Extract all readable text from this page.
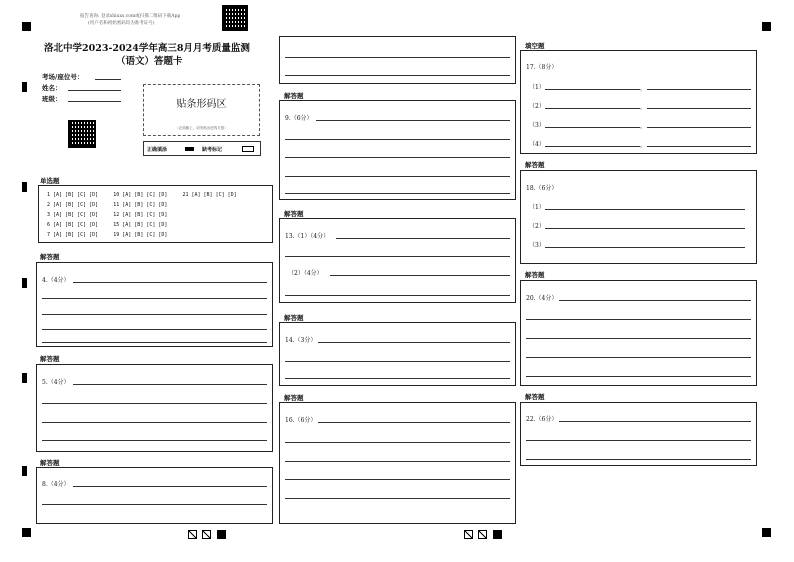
报告查询: 登录shiuxs.com或扫描二维码下载App
(用户名和初始密码均为准考证号)
洛北中学2023-2024学年高三8月月考质量监测
（语文）答题卡
考场/座位号：
姓名：
班级：	贴条形码区
（正面朝上，切勿贴出虚线方框）
正确填涂	缺考标记
单选题
1 [A] [B] [C] [D]     10 [A] [B] [C] [D]     21 [A] [B] [C] [D]
2 [A] [B] [C] [D]     11 [A] [B] [C] [D]
3 [A] [B] [C] [D]     12 [A] [B] [C] [D]
6 [A] [B] [C] [D]     15 [A] [B] [C] [D]
7 [A] [B] [C] [D]     19 [A] [B] [C] [D]
解答题
4.（4分）
解答题
5.（4分）
解答题
8.（4分）
解答题
9.（6分）
解答题
13.（1）（4分）
（2）（4分）
解答题
14.（3分）
解答题
16.（6分）
填空题
17.（8分）
（1）	，
（2）	，
（3）	，
（4）	，
解答题
18.（6分）
（1）
（2）
（3）
解答题
20.（4分）
解答题
22.（6分）
